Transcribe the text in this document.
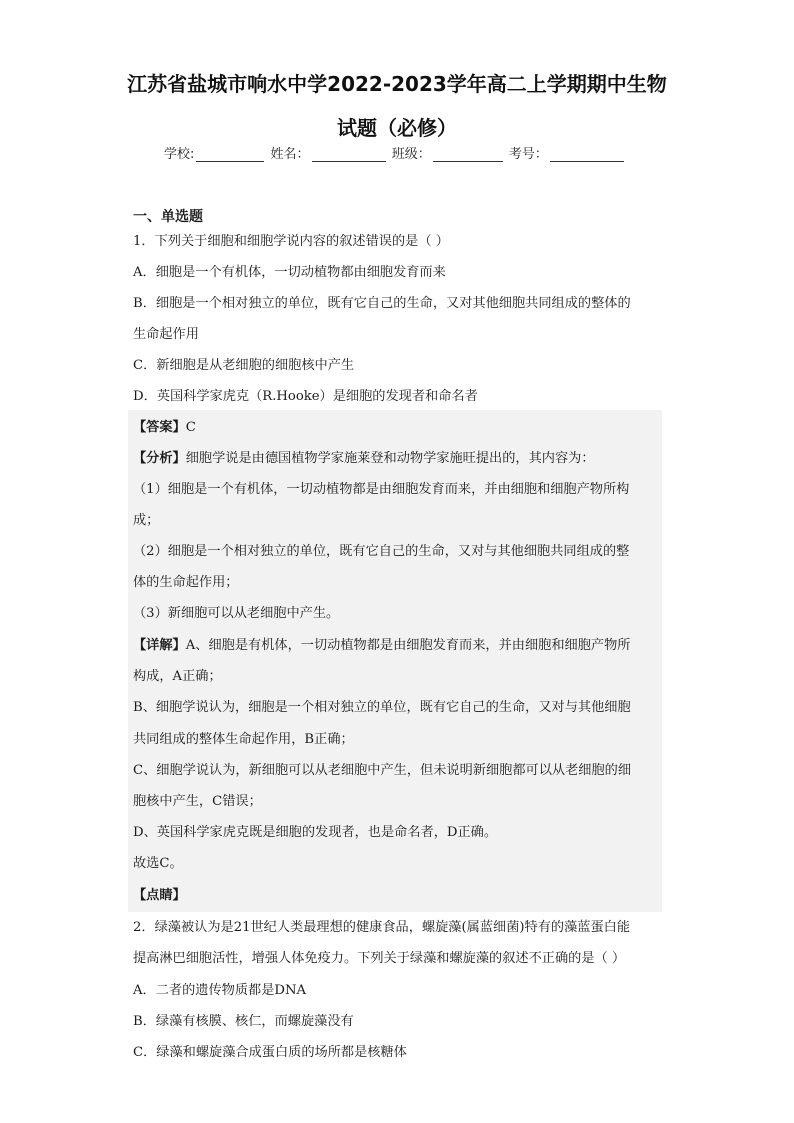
江苏省盐城市响水中学2022-2023学年高二上学期期中生物
试题（必修）
学校:	姓名：	班级：	考号：
一、单选题
1．下列关于细胞和细胞学说内容的叙述错误的是（ ）
A．细胞是一个有机体，一切动植物都由细胞发育而来
B．细胞是一个相对独立的单位，既有它自己的生命，又对其他细胞共同组成的整体的
生命起作用
C．新细胞是从老细胞的细胞核中产生
D．英国科学家虎克（R.Hooke）是细胞的发现者和命名者
【答案】C
【分析】细胞学说是由德国植物学家施莱登和动物学家施旺提出的，其内容为：
（1）细胞是一个有机体，一切动植物都是由细胞发育而来，并由细胞和细胞产物所构
成；
（2）细胞是一个相对独立的单位，既有它自己的生命，又对与其他细胞共同组成的整
体的生命起作用；
（3）新细胞可以从老细胞中产生。
【详解】A、细胞是有机体，一切动植物都是由细胞发育而来，并由细胞和细胞产物所
构成，A正确；
B、细胞学说认为，细胞是一个相对独立的单位，既有它自己的生命，又对与其他细胞
共同组成的整体生命起作用，B正确；
C、细胞学说认为，新细胞可以从老细胞中产生，但未说明新细胞都可以从老细胞的细
胞核中产生，C错误；
D、英国科学家虎克既是细胞的发现者，也是命名者，D正确。
故选C。
【点睛】
2．绿藻被认为是21世纪人类最理想的健康食品，螺旋藻(属蓝细菌)特有的藻蓝蛋白能
提高淋巴细胞活性，增强人体免疫力。下列关于绿藻和螺旋藻的叙述不正确的是（ ）
A．二者的遗传物质都是DNA
B．绿藻有核膜、核仁，而螺旋藻没有
C．绿藻和螺旋藻合成蛋白质的场所都是核糖体
